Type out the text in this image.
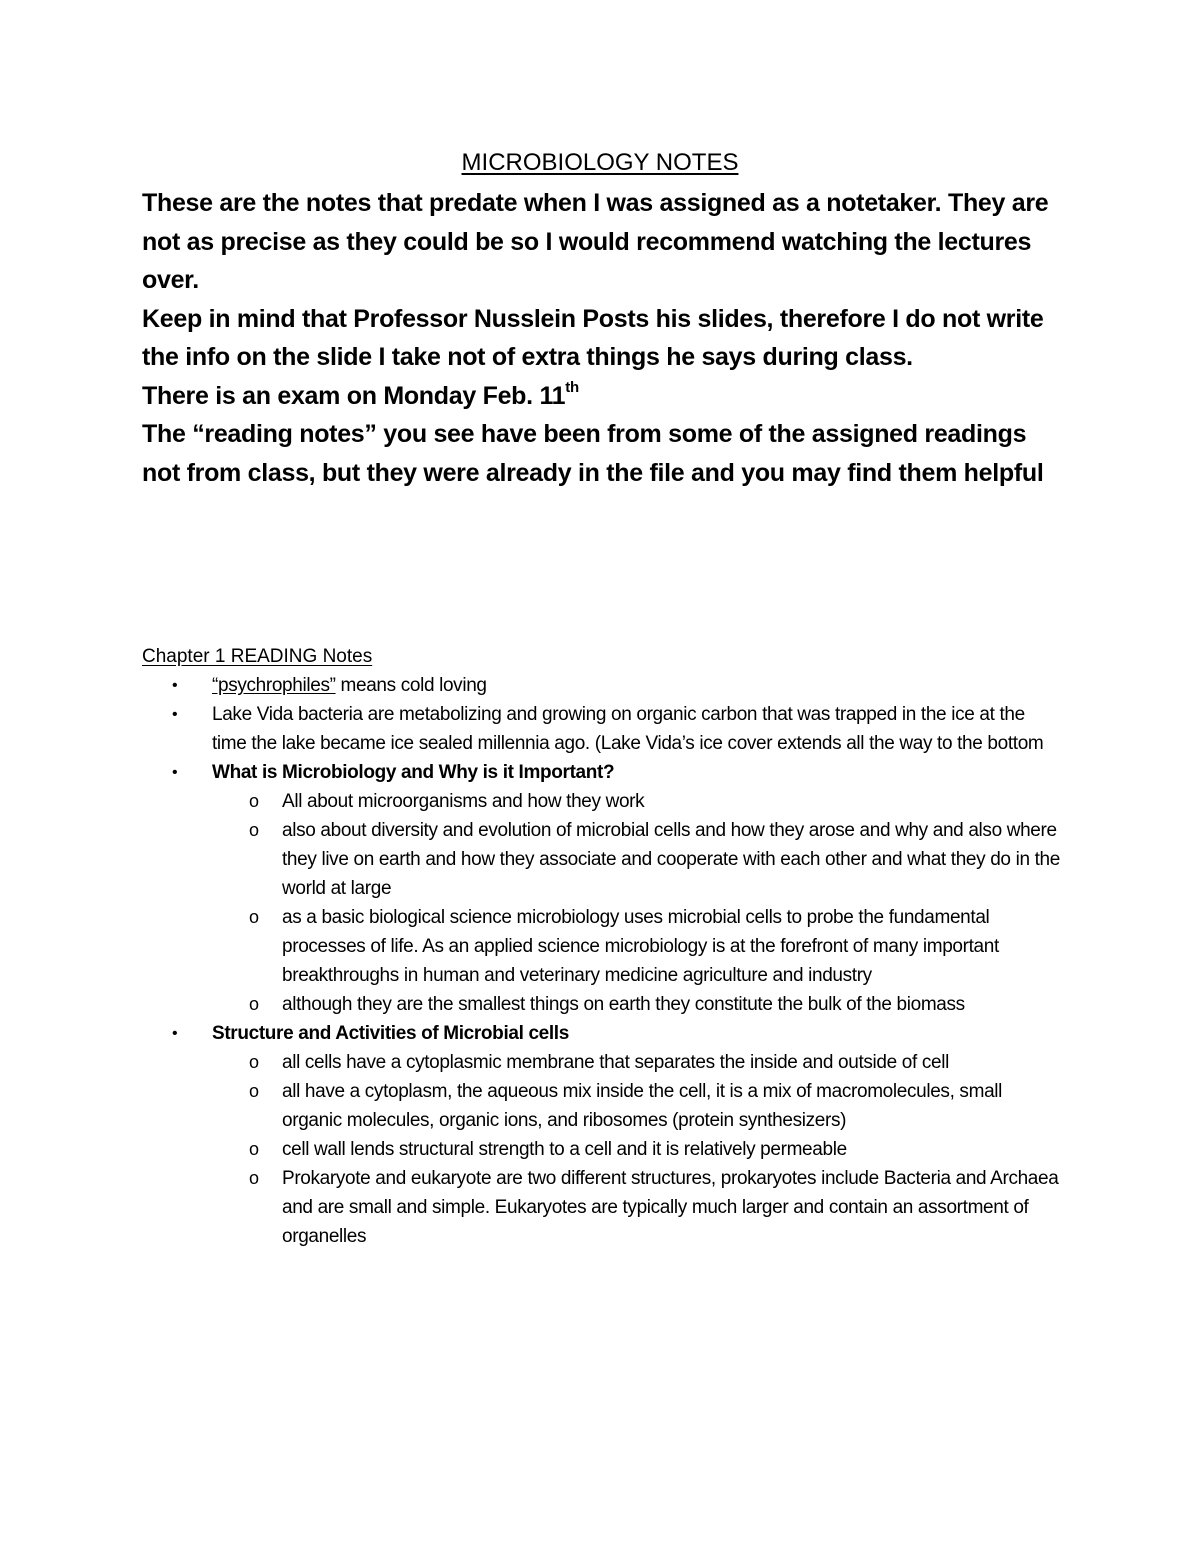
MICROBIOLOGY NOTES

These are the notes that predate when I was assigned as a notetaker. They are not as precise as they could be so I would recommend watching the lectures over.

Keep in mind that Professor Nusslein Posts his slides, therefore I do not write the info on the slide I take not of extra things he says during class.

There is an exam on Monday Feb. 11th

The “reading notes” you see have been from some of the assigned readings not from class, but they were already in the file and you may find them helpful

Chapter 1 READING Notes
• “psychrophiles” means cold loving
• Lake Vida bacteria are metabolizing and growing on organic carbon that was trapped in the ice at the time the lake became ice sealed millennia ago. (Lake Vida’s ice cover extends all the way to the bottom
• What is Microbiology and Why is it Important?
o All about microorganisms and how they work
o also about diversity and evolution of microbial cells and how they arose and why and also where they live on earth and how they associate and cooperate with each other and what they do in the world at large
o as a basic biological science microbiology uses microbial cells to probe the fundamental processes of life. As an applied science microbiology is at the forefront of many important breakthroughs in human and veterinary medicine agriculture and industry
o although they are the smallest things on earth they constitute the bulk of the biomass
• Structure and Activities of Microbial cells
o all cells have a cytoplasmic membrane that separates the inside and outside of cell
o all have a cytoplasm, the aqueous mix inside the cell, it is a mix of macromolecules, small organic molecules, organic ions, and ribosomes (protein synthesizers)
o cell wall lends structural strength to a cell and it is relatively permeable
o Prokaryote and eukaryote are two different structures, prokaryotes include Bacteria and Archaea and are small and simple. Eukaryotes are typically much larger and contain an assortment of organelles
